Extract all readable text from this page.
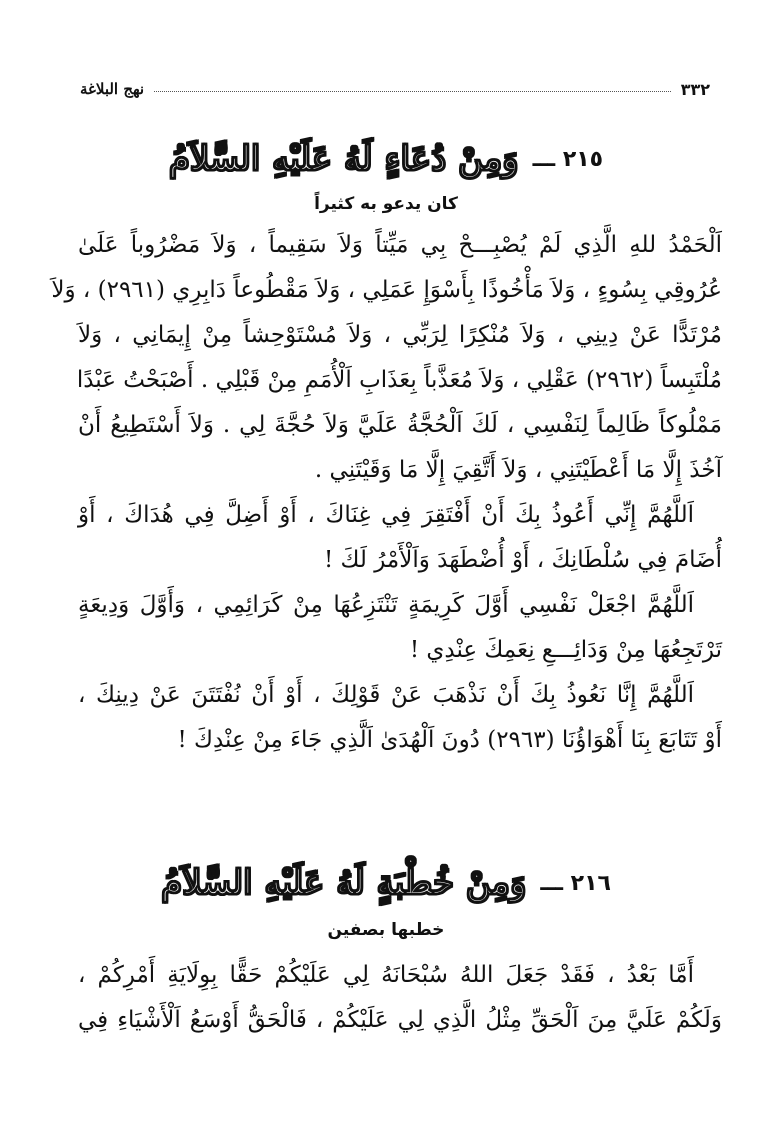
٣٣٢
نهج البلاغة
٢١٥ ـــ
وَمِنْ دُعَاءٍ لَهُ عَلَيْهِ السَّلاَمُ
كان يدعو به كثيراً
اَلْحَمْدُ للهِ الَّذِي لَمْ يُصْبِـــحْ بِي مَيِّتاً وَلاَ سَقِيماً ، وَلاَ مَضْرُوباً عَلَىٰ
عُرُوقِي بِسُوءٍ ، وَلاَ مَأْخُوذًا بِأَسْوَإِ عَمَلِي ، وَلاَ مَقْطُوعاً دَابِرِي (٢٩٦١) ، وَلاَ
مُرْتَدًّا عَنْ دِينِي ، وَلاَ مُنْكِرًا لِرَبِّي ، وَلاَ مُسْتَوْحِشاً مِنْ إِيمَانِي ، وَلاَ
مُلْتَبِساً (٢٩٦٢) عَقْلِي ، وَلاَ مُعَذَّباً بِعَذَابِ اَلْأُمَمِ مِنْ قَبْلِي . أَصْبَحْتُ عَبْدًا
مَمْلُوكاً ظَالِماً لِنَفْسِي ، لَكَ اَلْحُجَّةُ عَلَيَّ وَلاَ حُجَّةَ لِي . وَلاَ أَسْتَطِيعُ أَنْ
آخُذَ إِلَّا مَا أَعْطَيْتَنِي ، وَلاَ أَتَّقِيَ إِلَّا مَا وَقَيْتَنِي .
اَللَّهُمَّ إِنِّي أَعُوذُ بِكَ أَنْ أَفْتَقِرَ فِي غِنَاكَ ، أَوْ أَضِلَّ فِي هُدَاكَ ، أَوْ
أُضَامَ فِي سُلْطَانِكَ ، أَوْ أُضْطَهَدَ وَاَلْأَمْرُ لَكَ !
اَللَّهُمَّ اجْعَلْ نَفْسِي أَوَّلَ كَرِيمَةٍ تَنْتَزِعُهَا مِنْ كَرَائِمِي ، وَأَوَّلَ وَدِيعَةٍ
تَرْتَجِعُهَا مِنْ وَدَائِـــعِ نِعَمِكَ عِنْدِي !
اَللَّهُمَّ إِنَّا نَعُوذُ بِكَ أَنْ نَذْهَبَ عَنْ قَوْلِكَ ، أَوْ أَنْ نُفْتَتَنَ عَنْ دِينِكَ ،
أَوْ تَتَابَعَ بِنَا أَهْوَاؤُنَا (٢٩٦٣) دُونَ اَلْهُدَىٰ اَلَّذِي جَاءَ مِنْ عِنْدِكَ !
٢١٦ ـــ
وَمِنْ خُطْبَةٍ لَهُ عَلَيْهِ السَّلاَمُ
خطبها بصفين
أَمَّا بَعْدُ ، فَقَدْ جَعَلَ اللهُ سُبْحَانَهُ لِي عَلَيْكُمْ حَقًّا بِوِلَايَةِ أَمْرِكُمْ ،
وَلَكُمْ عَلَيَّ مِنَ اَلْحَقِّ مِثْلُ الَّذِي لِي عَلَيْكُمْ ، فَالْحَقُّ أَوْسَعُ اَلْأَشْيَاءِ فِي
